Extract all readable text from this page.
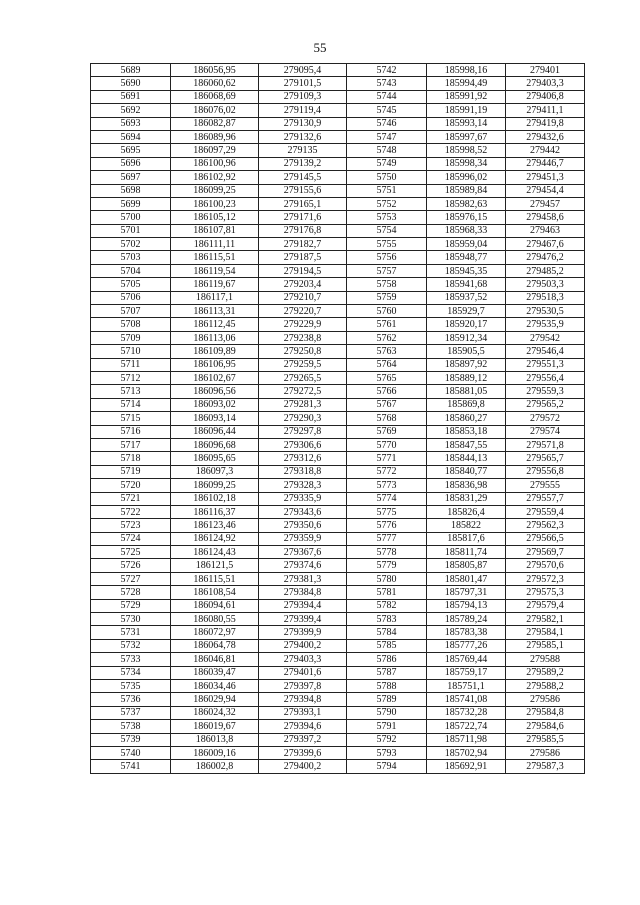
55
5689	186056,95	279095,4	5742	185998,16	279401
5690	186060,62	279101,5	5743	185994,49	279403,3
5691	186068,69	279109,3	5744	185991,92	279406,8
5692	186076,02	279119,4	5745	185991,19	279411,1
5693	186082,87	279130,9	5746	185993,14	279419,8
5694	186089,96	279132,6	5747	185997,67	279432,6
5695	186097,29	279135	5748	185998,52	279442
5696	186100,96	279139,2	5749	185998,34	279446,7
5697	186102,92	279145,5	5750	185996,02	279451,3
5698	186099,25	279155,6	5751	185989,84	279454,4
5699	186100,23	279165,1	5752	185982,63	279457
5700	186105,12	279171,6	5753	185976,15	279458,6
5701	186107,81	279176,8	5754	185968,33	279463
5702	186111,11	279182,7	5755	185959,04	279467,6
5703	186115,51	279187,5	5756	185948,77	279476,2
5704	186119,54	279194,5	5757	185945,35	279485,2
5705	186119,67	279203,4	5758	185941,68	279503,3
5706	186117,1	279210,7	5759	185937,52	279518,3
5707	186113,31	279220,7	5760	185929,7	279530,5
5708	186112,45	279229,9	5761	185920,17	279535,9
5709	186113,06	279238,8	5762	185912,34	279542
5710	186109,89	279250,8	5763	185905,5	279546,4
5711	186106,95	279259,5	5764	185897,92	279551,3
5712	186102,67	279265,5	5765	185889,12	279556,4
5713	186096,56	279272,5	5766	185881,05	279559,3
5714	186093,02	279281,3	5767	185869,8	279565,2
5715	186093,14	279290,3	5768	185860,27	279572
5716	186096,44	279297,8	5769	185853,18	279574
5717	186096,68	279306,6	5770	185847,55	279571,8
5718	186095,65	279312,6	5771	185844,13	279565,7
5719	186097,3	279318,8	5772	185840,77	279556,8
5720	186099,25	279328,3	5773	185836,98	279555
5721	186102,18	279335,9	5774	185831,29	279557,7
5722	186116,37	279343,6	5775	185826,4	279559,4
5723	186123,46	279350,6	5776	185822	279562,3
5724	186124,92	279359,9	5777	185817,6	279566,5
5725	186124,43	279367,6	5778	185811,74	279569,7
5726	186121,5	279374,6	5779	185805,87	279570,6
5727	186115,51	279381,3	5780	185801,47	279572,3
5728	186108,54	279384,8	5781	185797,31	279575,3
5729	186094,61	279394,4	5782	185794,13	279579,4
5730	186080,55	279399,4	5783	185789,24	279582,1
5731	186072,97	279399,9	5784	185783,38	279584,1
5732	186064,78	279400,2	5785	185777,26	279585,1
5733	186046,81	279403,3	5786	185769,44	279588
5734	186039,47	279401,6	5787	185759,17	279589,2
5735	186034,46	279397,8	5788	185751,1	279588,2
5736	186029,94	279394,8	5789	185741,08	279586
5737	186024,32	279393,1	5790	185732,28	279584,8
5738	186019,67	279394,6	5791	185722,74	279584,6
5739	186013,8	279397,2	5792	185711,98	279585,5
5740	186009,16	279399,6	5793	185702,94	279586
5741	186002,8	279400,2	5794	185692,91	279587,3
